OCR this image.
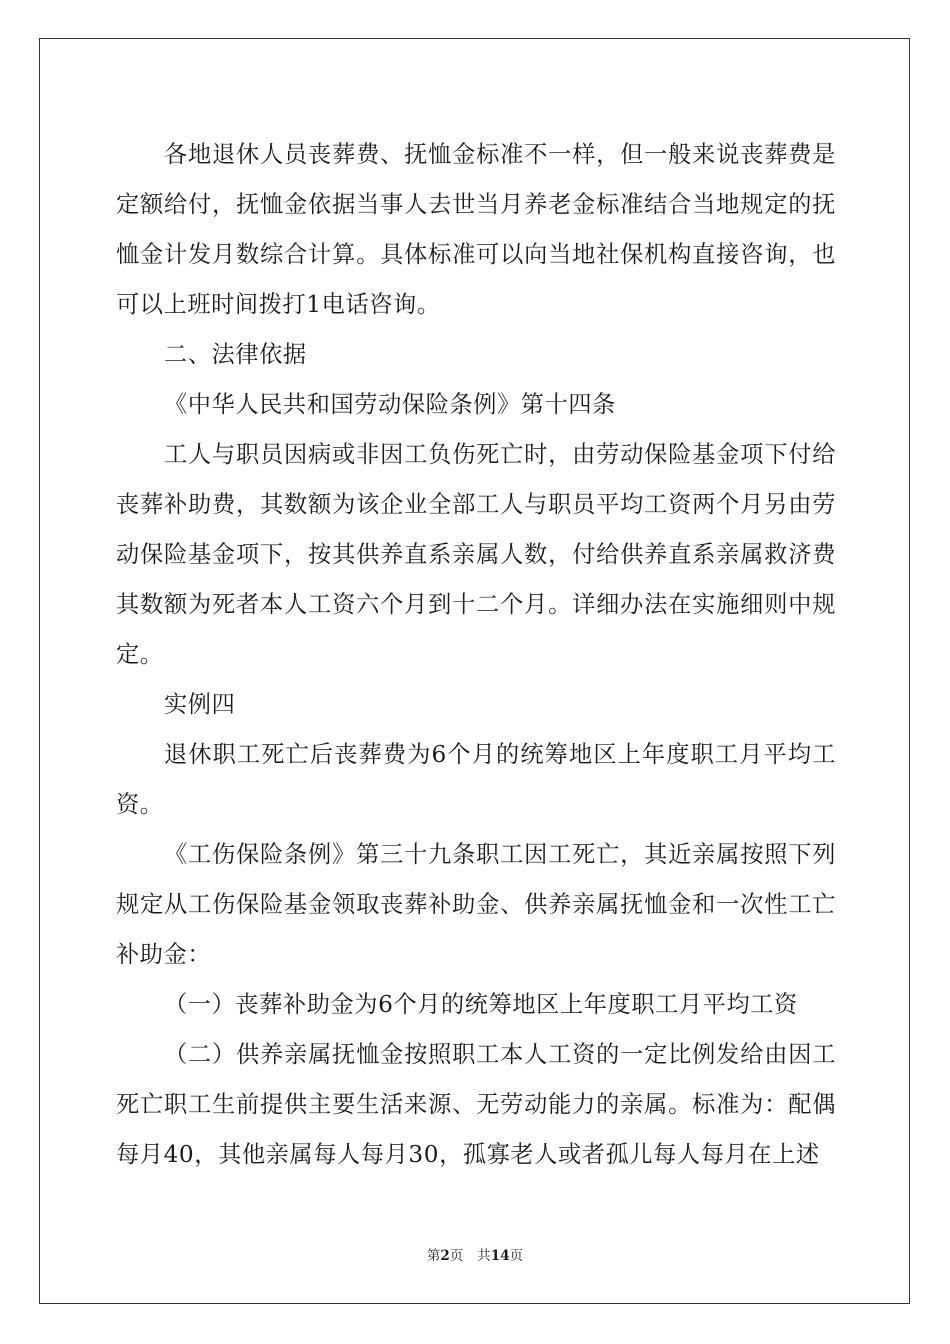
各地退休人员丧葬费、抚恤金标准不一样，但一般来说丧葬费是定额给付，抚恤金依据当事人去世当月养老金标准结合当地规定的抚恤金计发月数综合计算。具体标准可以向当地社保机构直接咨询，也可以上班时间拨打1电话咨询。

二、法律依据

《中华人民共和国劳动保险条例》第十四条

工人与职员因病或非因工负伤死亡时，由劳动保险基金项下付给丧葬补助费，其数额为该企业全部工人与职员平均工资两个月另由劳动保险基金项下，按其供养直系亲属人数，付给供养直系亲属救济费其数额为死者本人工资六个月到十二个月。详细办法在实施细则中规定。

实例四

退休职工死亡后丧葬费为6个月的统筹地区上年度职工月平均工资。

《工伤保险条例》第三十九条职工因工死亡，其近亲属按照下列规定从工伤保险基金领取丧葬补助金、供养亲属抚恤金和一次性工亡补助金：

（一）丧葬补助金为6个月的统筹地区上年度职工月平均工资

（二）供养亲属抚恤金按照职工本人工资的一定比例发给由因工死亡职工生前提供主要生活来源、无劳动能力的亲属。标准为：配偶每月40，其他亲属每人每月30，孤寡老人或者孤儿每人每月在上述

第2页 共14页
